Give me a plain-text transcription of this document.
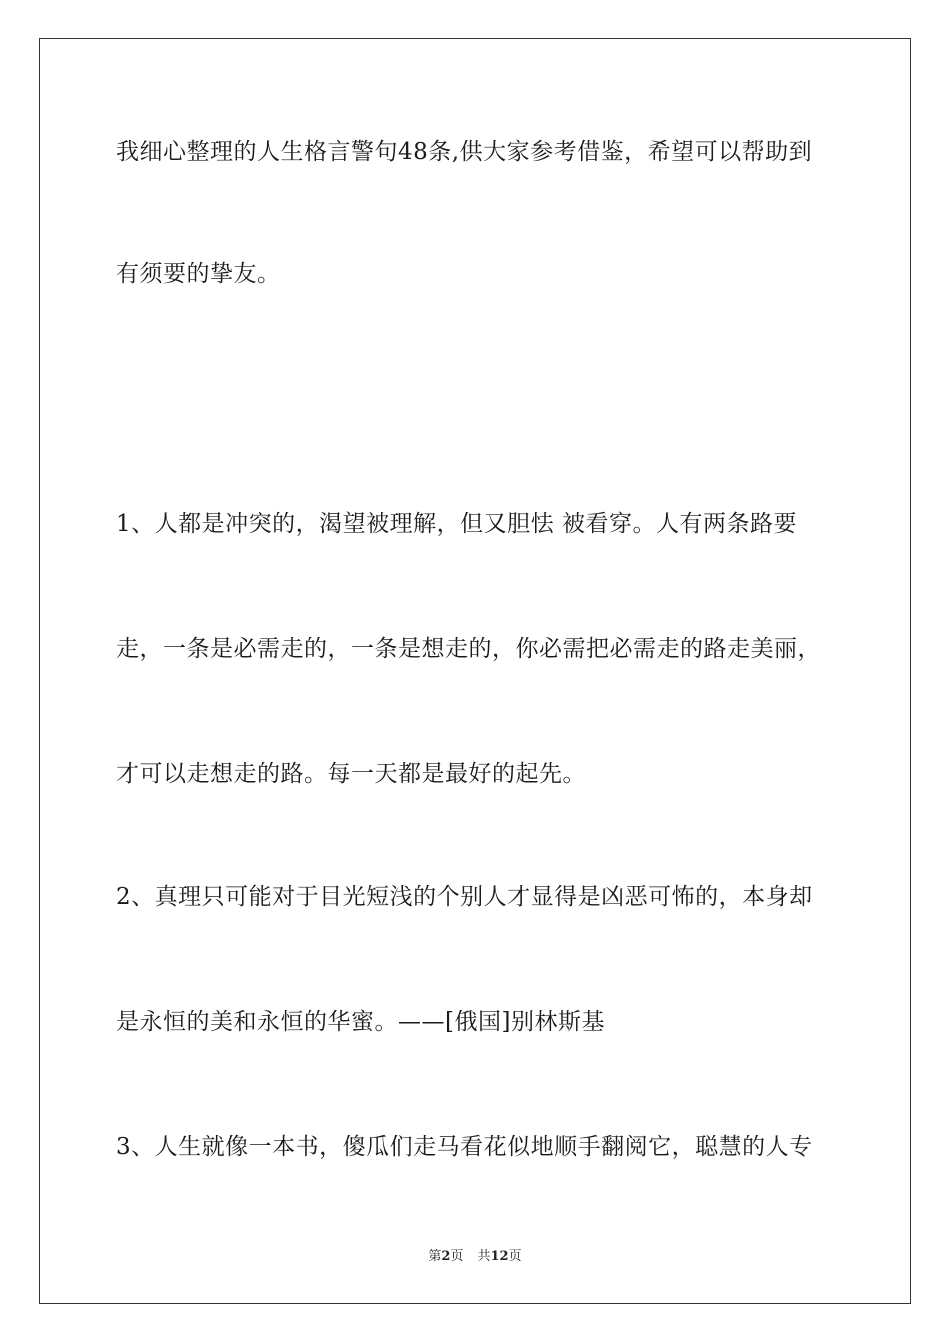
我细心整理的人生格言警句48条,供大家参考借鉴，希望可以帮助到
有须要的挚友。
1、人都是冲突的，渴望被理解，但又胆怯 被看穿。人有两条路要
走，一条是必需走的，一条是想走的，你必需把必需走的路走美丽，
才可以走想走的路。每一天都是最好的起先。
2、真理只可能对于目光短浅的个别人才显得是凶恶可怖的，本身却
是永恒的美和永恒的华蜜。——[俄国]别林斯基
3、人生就像一本书，傻瓜们走马看花似地顺手翻阅它，聪慧的人专
第2页 共12页
